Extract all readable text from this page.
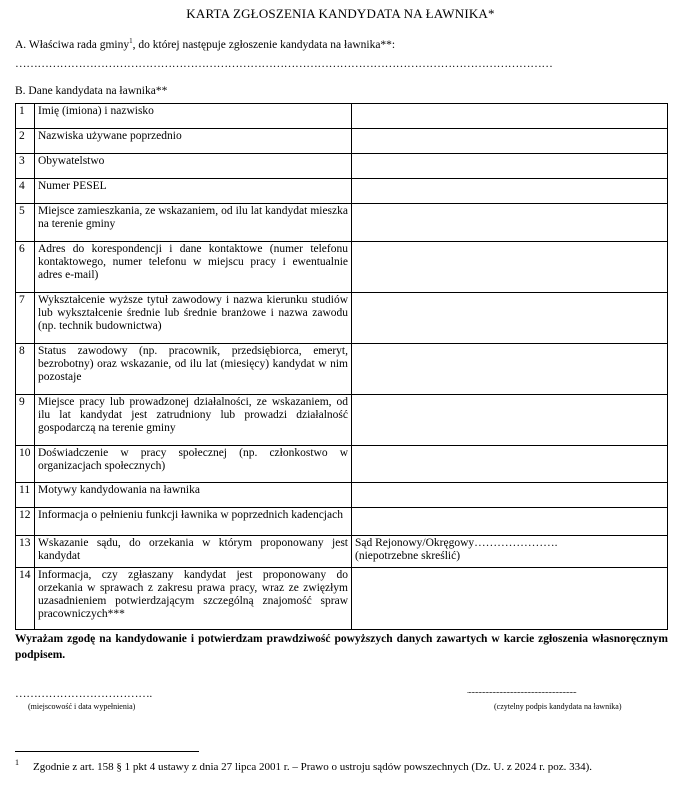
KARTA ZGŁOSZENIA KANDYDATA NA ŁAWNIKA*
A. Właściwa rada gminy$^1$, do której następuje zgłoszenie kandydata na ławnika**:
………………………………………………………………………………………………………………………………
B. Dane kandydata na ławnika**
1	Imię (imiona) i nazwisko	
2	Nazwiska używane poprzednio	
3	Obywatelstwo	
4	Numer PESEL	
5	Miejsce zamieszkania, ze wskazaniem, od ilu lat kandydat mieszka na terenie gminy	
6	Adres do korespondencji i dane kontaktowe (numer telefonu kontaktowego, numer telefonu w miejscu pracy i ewentualnie adres e-mail)	
7	Wykształcenie wyższe tytuł zawodowy i nazwa kierunku studiów lub wykształcenie średnie lub średnie branżowe i nazwa zawodu (np. technik budownictwa)	
8	Status zawodowy (np. pracownik, przedsiębiorca, emeryt, bezrobotny) oraz wskazanie, od ilu lat (miesięcy) kandydat w nim pozostaje	
9	Miejsce pracy lub prowadzonej działalności, ze wskazaniem, od ilu lat kandydat jest zatrudniony lub prowadzi działalność gospodarczą na terenie gminy	
10	Doświadczenie w pracy społecznej (np. członkostwo w organizacjach społecznych)	
11	Motywy kandydowania na ławnika	
12	Informacja o pełnieniu funkcji ławnika w poprzednich kadencjach	
13	Wskazanie sądu, do orzekania w którym proponowany jest kandydat	Sąd Rejonowy/Okręgowy………………….
(niepotrzebne skreślić)
14	Informacja, czy zgłaszany kandydat jest proponowany do orzekania w sprawach z zakresu prawa pracy, wraz ze zwięzłym uzasadnieniem potwierdzającym szczególną znajomość spraw pracowniczych***	
Wyrażam zgodę na kandydowanie i potwierdzam prawdziwość powyższych danych zawartych w karcie zgłoszenia własnoręcznym podpisem.
……………………………….
(miejscowość i data wypełnienia)
..............................................................................
(czytelny podpis kandydata na ławnika)
1 Zgodnie z art. 158 § 1 pkt 4 ustawy z dnia 27 lipca 2001 r. – Prawo o ustroju sądów powszechnych (Dz. U. z 2024 r. poz. 334).
